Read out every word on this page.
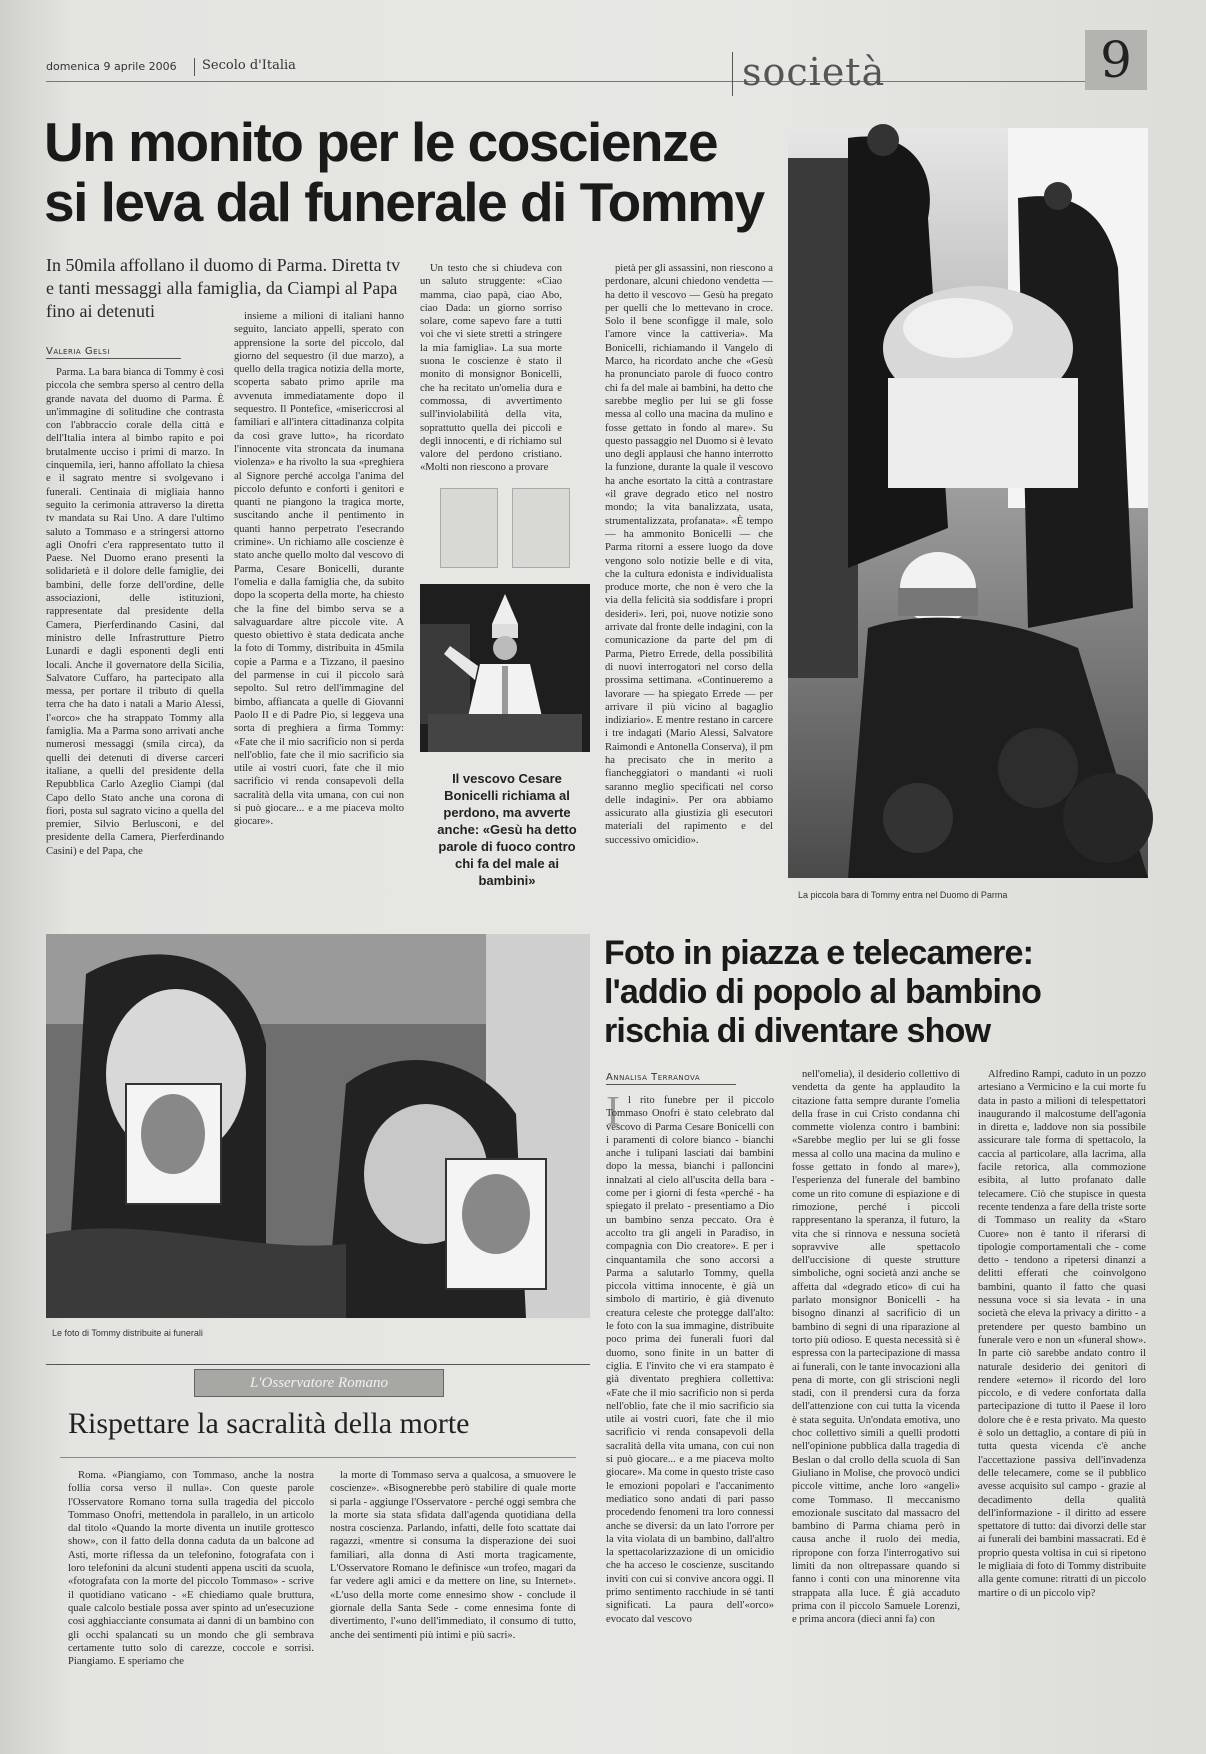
domenica 9 aprile 2006 Secolo d'Italia	società	9
Un monito per le coscienze
si leva dal funerale di Tommy
In 50mila affollano il duomo di Parma. Diretta tv e tanti messaggi alla famiglia, da Ciampi al Papa fino ai detenuti
Valeria Gelsi

Parma. La bara bianca di Tommy è così piccola che sembra sperso al centro della grande navata del duomo di Parma. È un'immagine di solitudine che contrasta con l'abbraccio corale della città e dell'Italia intera al bimbo rapito e poi brutalmente ucciso i primi di marzo. In cinquemila, ieri, hanno affollato la chiesa e il sagrato mentre si svolgevano i funerali. Centinaia di migliaia hanno seguito la cerimonia attraverso la diretta tv mandata su Rai Uno. A dare l'ultimo saluto a Tommaso e a stringersi attorno agli Onofri c'era rappresentato tutto il Paese. Nel Duomo erano presenti la solidarietà e il dolore delle famiglie, dei bambini, delle forze dell'ordine, delle associazioni, delle istituzioni, rappresentate dal presidente della Camera, Pierferdinando Casini, dal ministro delle Infrastrutture Pietro Lunardi e dagli esponenti degli enti locali. Anche il governatore della Sicilia, Salvatore Cuffaro, ha partecipato alla messa, per portare il tributo di quella terra che ha dato i natali a Mario Alessi, l'«orco» che ha strappato Tommy alla famiglia. Ma a Parma sono arrivati anche numerosi messaggi (smila circa), da quelli dei detenuti di diverse carceri italiane, a quelli del presidente della Repubblica Carlo Azeglio Ciampi (dal Capo dello Stato anche una corona di fiori, posta sul sagrato vicino a quella del premier, Silvio Berlusconi, e del presidente della Camera, Pierferdinando Casini) e del Papa, che

insieme a milioni di italiani hanno seguito, lanciato appelli, sperato con apprensione la sorte del piccolo, dal giorno del sequestro (il due marzo), a quello della tragica notizia della morte, scoperta sabato primo aprile ma avvenuta immediatamente dopo il sequestro. Il Pontefice, «misericcrosi al familiari e all'intera cittadinanza colpita da così grave lutto», ha ricordato l'innocente vita stroncata da inumana violenza» e ha rivolto la sua «preghiera al Signore perché accolga l'anima del piccolo defunto e conforti i genitori e quanti ne piangono la tragica morte, suscitando anche il pentimento in quanti hanno perpetrato l'esecrando crimine». Un richiamo alle coscienze è stato anche quello molto dal vescovo di Parma, Cesare Bonicelli, durante l'omelia e dalla famiglia che, da subito dopo la scoperta della morte, ha chiesto che la fine del bimbo serva se a salvaguardare altre piccole vite. A questo obiettivo è stata dedicata anche la foto di Tommy, distribuita in 45mila copie a Parma e a Tizzano, il paesino del parmense in cui il piccolo sarà sepolto. Sul retro dell'immagine del bimbo, affiancata a quelle di Giovanni Paolo II e di Padre Pio, si leggeva una sorta di preghiera a firma Tommy: «Fate che il mio sacrificio non si perda nell'oblio, fate che il mio sacrificio sia utile ai vostri cuori, fate che il mio sacrificio vi renda consapevoli della sacralità della vita umana, con cui non si può giocare... e a me piaceva molto giocare».

Un testo che si chiudeva con un saluto struggente: «Ciao mamma, ciao papà, ciao Abo, ciao Dada: un giorno sorriso solare, come sapevo fare a tutti voi che vi siete stretti a stringere la mia famiglia». La sua morte suona le coscienze è stato il monito di monsignor Bonicelli, che ha recitato un'omelia dura e commossa, di avvertimento sull'inviolabilità della vita, soprattutto quella dei piccoli e degli innocenti, e di richiamo sul valore del perdono cristiano. «Molti non riescono a provare

pietà per gli assassini, non riescono a perdonare, alcuni chiedono vendetta — ha detto il vescovo — Gesù ha pregato per quelli che lo mettevano in croce. Solo il bene sconfigge il male, solo l'amore vince la cattiveria». Ma Bonicelli, richiamando il Vangelo di Marco, ha ricordato anche che «Gesù ha pronunciato parole di fuoco contro chi fa del male ai bambini, ha detto che sarebbe meglio per lui se gli fosse messa al collo una macina da mulino e fosse gettato in fondo al mare». Su questo passaggio nel Duomo si è levato uno degli applausi che hanno interrotto la funzione, durante la quale il vescovo ha anche esortato la città a contrastare «il grave degrado etico nel nostro mondo; la vita banalizzata, usata, strumentalizzata, profanata». «È tempo — ha ammonito Bonicelli — che Parma ritorni a essere luogo da dove vengono solo notizie belle e di vita, che la cultura edonista e individualista produce morte, che non è vero che la via della felicità sia soddisfare i propri desideri». Ieri, poi, nuove notizie sono arrivate dal fronte delle indagini, con la comunicazione da parte del pm di Parma, Pietro Errede, della possibilità di nuovi interrogatori nel corso della prossima settimana. «Continueremo a lavorare — ha spiegato Errede — per arrivare il più vicino al bagaglio indiziario». E mentre restano in carcere i tre indagati (Mario Alessi, Salvatore Raimondi e Antonella Conserva), il pm ha precisato che in merito a fiancheggiatori o mandanti «i ruoli saranno meglio specificati nel corso delle indagini». Per ora abbiamo assicurato alla giustizia gli esecutori materiali del rapimento e del successivo omicidio».

Il vescovo Cesare Bonicelli richiama al perdono, ma avverte anche: «Gesù ha detto parole di fuoco contro chi fa del male ai bambini»
La piccola bara di Tommy entra nel Duomo di Parma
Le foto di Tommy distribuite ai funerali
Foto in piazza e telecamere:
l'addio di popolo al bambino
rischia di diventare show
Annalisa Terranova
I l rito funebre per il piccolo Tommaso Onofri è stato celebrato dal vescovo di Parma Cesare Bonicelli con i paramenti di colore bianco - bianchi anche i tulipani lasciati dai bambini dopo la messa, bianchi i palloncini innalzati al cielo all'uscita della bara - come per i giorni di festa «perché - ha spiegato il prelato - presentiamo a Dio un bambino senza peccato. Ora è accolto tra gli angeli in Paradiso, in compagnia con Dio creatore». E per i cinquantamila che sono accorsi a Parma a salutarlo Tommy, quella piccola vittima innocente, è già un simbolo di martirio, è già divenuto creatura celeste che protegge dall'alto: le foto con la sua immagine, distribuite poco prima dei funerali fuori dal duomo, sono finite in un batter di ciglia. E l'invito che vi era stampato è già diventato preghiera collettiva: «Fate che il mio sacrificio non si perda nell'oblio, fate che il mio sacrificio sia utile ai vostri cuori, fate che il mio sacrificio vi renda consapevoli della sacralità della vita umana, con cui non si può giocare... e a me piaceva molto giocare». Ma come in questo triste caso le emozioni popolari e l'accanimento mediatico sono andati di pari passo procedendo fenomeni tra loro connessi anche se diversi: da un lato l'orrore per la vita violata di un bambino, dall'altro la spettacolarizzazione di un omicidio che ha acceso le coscienze, suscitando inviti con cui si convive ancora oggi. Il primo sentimento racchiude in sé tanti significati. La paura dell'«orco» evocato dal vescovo

nell'omelia), il desiderio collettivo di vendetta da gente ha applaudito la citazione fatta sempre durante l'omelia della frase in cui Cristo condanna chi commette violenza contro i bambini: «Sarebbe meglio per lui se gli fosse messa al collo una macina da mulino e fosse gettato in fondo al mare»), l'esperienza del funerale del bambino come un rito comune di espiazione e di rimozione, perché i piccoli rappresentano la speranza, il futuro, la vita che si rinnova e nessuna società sopravvive alle spettacolo dell'uccisione di queste strutture simboliche, ogni società anzi anche se affetta dal «degrado etico» di cui ha parlato monsignor Bonicelli - ha bisogno dinanzi al sacrificio di un bambino di segni di una riparazione al torto più odioso. E questa necessità si è espressa con la partecipazione di massa ai funerali, con le tante invocazioni alla pena di morte, con gli striscioni negli stadi, con il prendersi cura da forza dell'attenzione con cui tutta la vicenda è stata seguita. Un'ondata emotiva, uno choc collettivo simili a quelli prodotti nell'opinione pubblica dalla tragedia di Beslan o dal crollo della scuola di San Giuliano in Molise, che provocò undici piccole vittime, anche loro «angeli» come Tommaso. Il meccanismo emozionale suscitato dal massacro del bambino di Parma chiama però in causa anche il ruolo dei media, ripropone con forza l'interrogativo sui limiti da non oltrepassare quando si fanno i conti con una minorenne vita strappata alla luce. È già accaduto prima con il piccolo Samuele Lorenzi, e prima ancora (dieci anni fa) con

Alfredino Rampi, caduto in un pozzo artesiano a Vermicino e la cui morte fu data in pasto a milioni di telespettatori inaugurando il malcostume dell'agonia in diretta e, laddove non sia possibile assicurare tale forma di spettacolo, la caccia al particolare, alla lacrima, alla facile retorica, alla commozione esibita, al lutto profanato dalle telecamere. Ciò che stupisce in questa recente tendenza a fare della triste sorte di Tommaso un reality da «Staro Cuore» non è tanto il riferarsi di tipologie comportamentali che - come detto - tendono a ripetersi dinanzi a delitti efferati che coinvolgono bambini, quanto il fatto che quasi nessuna voce si sia levata - in una società che eleva la privacy a diritto - a pretendere per questo bambino un funerale vero e non un «funeral show». In parte ciò sarebbe andato contro il naturale desiderio dei genitori di rendere «eterno» il ricordo del loro piccolo, e di vedere confortata dalla partecipazione di tutto il Paese il loro dolore che è e resta privato. Ma questo è solo un dettaglio, a contare di più in tutta questa vicenda c'è anche l'accettazione passiva dell'invadenza delle telecamere, come se il pubblico avesse acquisito sul campo - grazie al decadimento della qualità dell'informazione - il diritto ad essere spettatore di tutto: dai divorzi delle star ai funerali dei bambini massacrati. Ed è proprio questa voltisa in cui si ripetono le migliaia di foto di Tommy distribuite alla gente comune: ritratti di un piccolo martire o di un piccolo vip?

L'Osservatore Romano
Rispettare la sacralità della morte

Roma. «Piangiamo, con Tommaso, anche la nostra follia corsa verso il nulla». Con queste parole l'Osservatore Romano torna sulla tragedia del piccolo Tommaso Onofri, mettendola in parallelo, in un articolo dal titolo «Quando la morte diventa un inutile grottesco show», con il fatto della donna caduta da un balcone ad Asti, morte riflessa da un telefonino, fotografata con i loro telefonini da alcuni studenti appena usciti da scuola, «fotografata con la morte del piccolo Tommaso» - scrive il quotidiano vaticano - «E chiediamo quale bruttura, quale calcolo bestiale possa aver spinto ad un'esecuzione così agghiacciante consumata ai danni di un bambino con gli occhi spalancati su un mondo che gli sembrava certamente tutto solo di carezze, coccole e sorrisi. Piangiamo. E speriamo che

la morte di Tommaso serva a qualcosa, a smuovere le coscienze». «Bisognerebbe però stabilire di quale morte si parla - aggiunge l'Osservatore - perché oggi sembra che la morte sia stata sfidata dall'agenda quotidiana della nostra coscienza. Parlando, infatti, delle foto scattate dai ragazzi, «mentre si consuma la disperazione dei suoi familiari, alla donna di Asti morta tragicamente, L'Osservatore Romano le definisce «un trofeo, magari da far vedere agli amici e da mettere on line, su Internet». «L'uso della morte come ennesimo show - conclude il giornale della Santa Sede - come ennesima fonte di divertimento, l'«uno dell'immediato, il consumo di tutto, anche dei sentimenti più intimi e più sacri».
